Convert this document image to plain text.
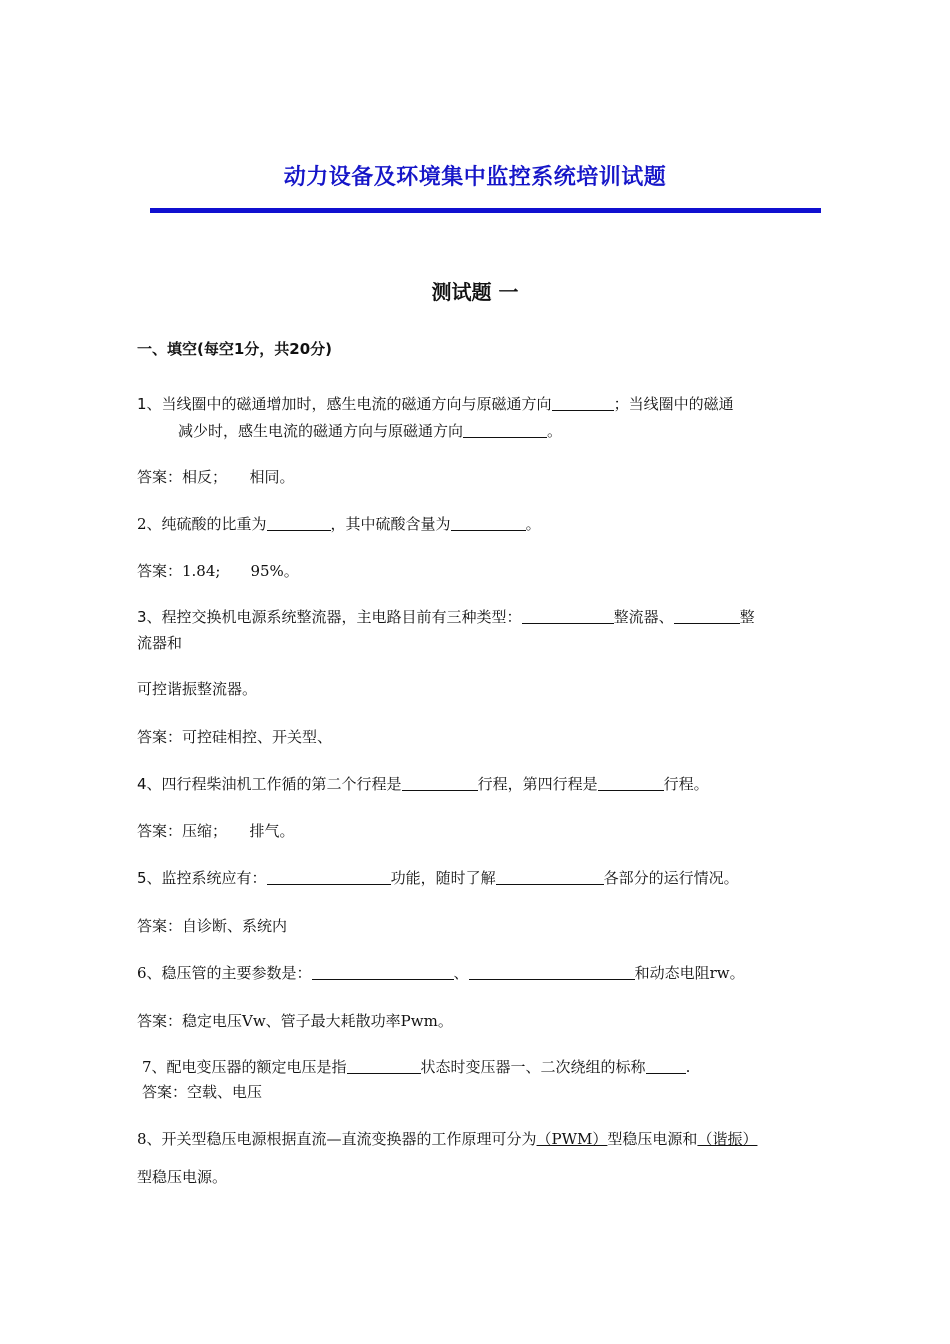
动力设备及环境集中监控系统培训试题
测试题 一
一、填空(每空1分，共20分)
1、当线圈中的磁通增加时，感生电流的磁通方向与原磁通方向	；当线圈中的磁通
减少时，感生电流的磁通方向与原磁通方向	。
答案：相反；　　相同。
2、纯硫酸的比重为	，其中硫酸含量为	。
答案：1.84;　　95%。
3、程控交换机电源系统整流器，主电路目前有三种类型：	整流器、	整
流器和
可控谐振整流器。
答案：可控硅相控、开关型、
4、四行程柴油机工作循的第二个行程是	行程，第四行程是	行程。
答案：压缩；　　排气。
5、监控系统应有：	功能，随时了解	各部分的运行情况。
答案：自诊断、系统内
6、稳压管的主要参数是：	、	和动态电阻rw。
答案：稳定电压Vw、管子最大耗散功率Pwm。
7、配电变压器的额定电压是指	状态时变压器一、二次绕组的标称	.
答案：空载、电压
8、开关型稳压电源根据直流—直流变换器的工作原理可分为（PWM）型稳压电源和（谐振）
型稳压电源。
